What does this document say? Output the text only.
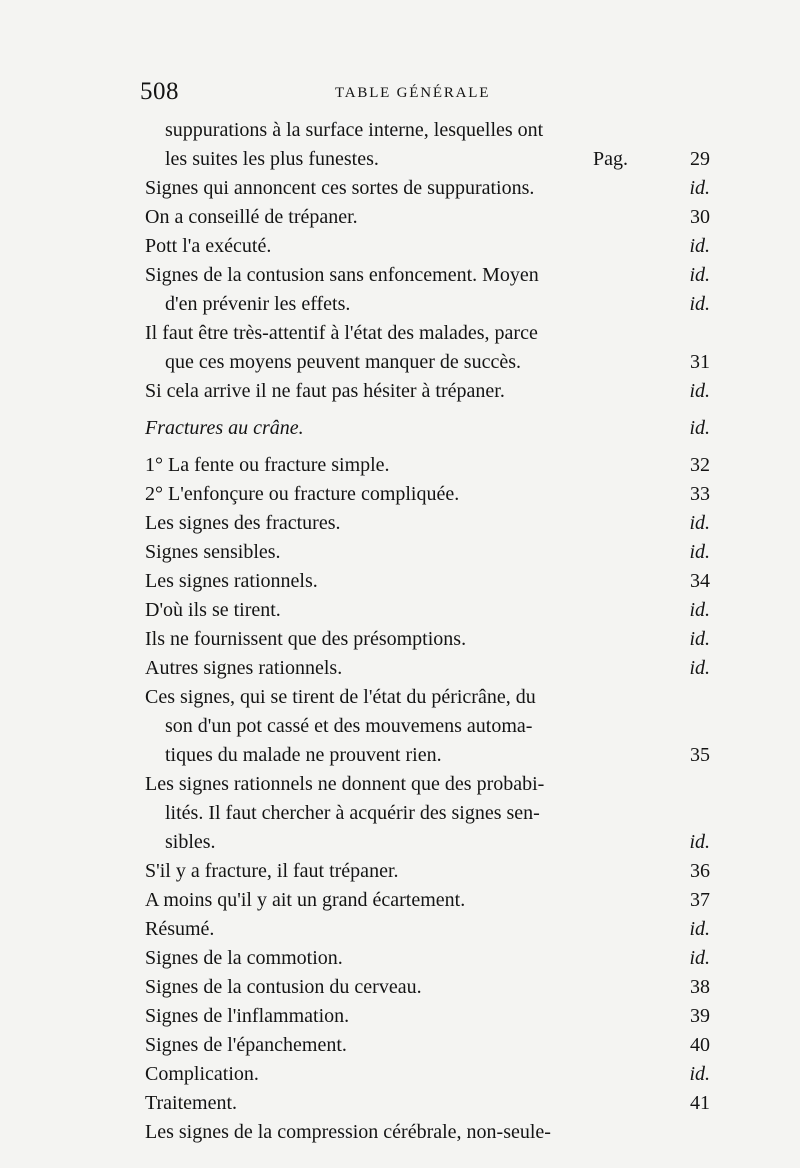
508	TABLE GÉNÉRALE
suppurations à la surface interne, lesquelles ont
les suites les plus funestes.	Pag.	29
Signes qui annoncent ces sortes de suppurations.	id.
On a conseillé de trépaner.	30
Pott l'a exécuté.	id.
Signes de la contusion sans enfoncement. Moyen	id.
d'en prévenir les effets.	id.
Il faut être très-attentif à l'état des malades, parce
que ces moyens peuvent manquer de succès.	31
Si cela arrive il ne faut pas hésiter à trépaner.	id.
Fractures au crâne.	id.
1° La fente ou fracture simple.	32
2° L'enfonçure ou fracture compliquée.	33
Les signes des fractures.	id.
Signes sensibles.	id.
Les signes rationnels.	34
D'où ils se tirent.	id.
Ils ne fournissent que des présomptions.	id.
Autres signes rationnels.	id.
Ces signes, qui se tirent de l'état du péricrâne, du
son d'un pot cassé et des mouvemens automa-
tiques du malade ne prouvent rien.	35
Les signes rationnels ne donnent que des probabi-
lités. Il faut chercher à acquérir des signes sen-
sibles.	id.
S'il y a fracture, il faut trépaner.	36
A moins qu'il y ait un grand écartement.	37
Résumé.	id.
Signes de la commotion.	id.
Signes de la contusion du cerveau.	38
Signes de l'inflammation.	39
Signes de l'épanchement.	40
Complication.	id.
Traitement.	41
Les signes de la compression cérébrale, non-seule-
